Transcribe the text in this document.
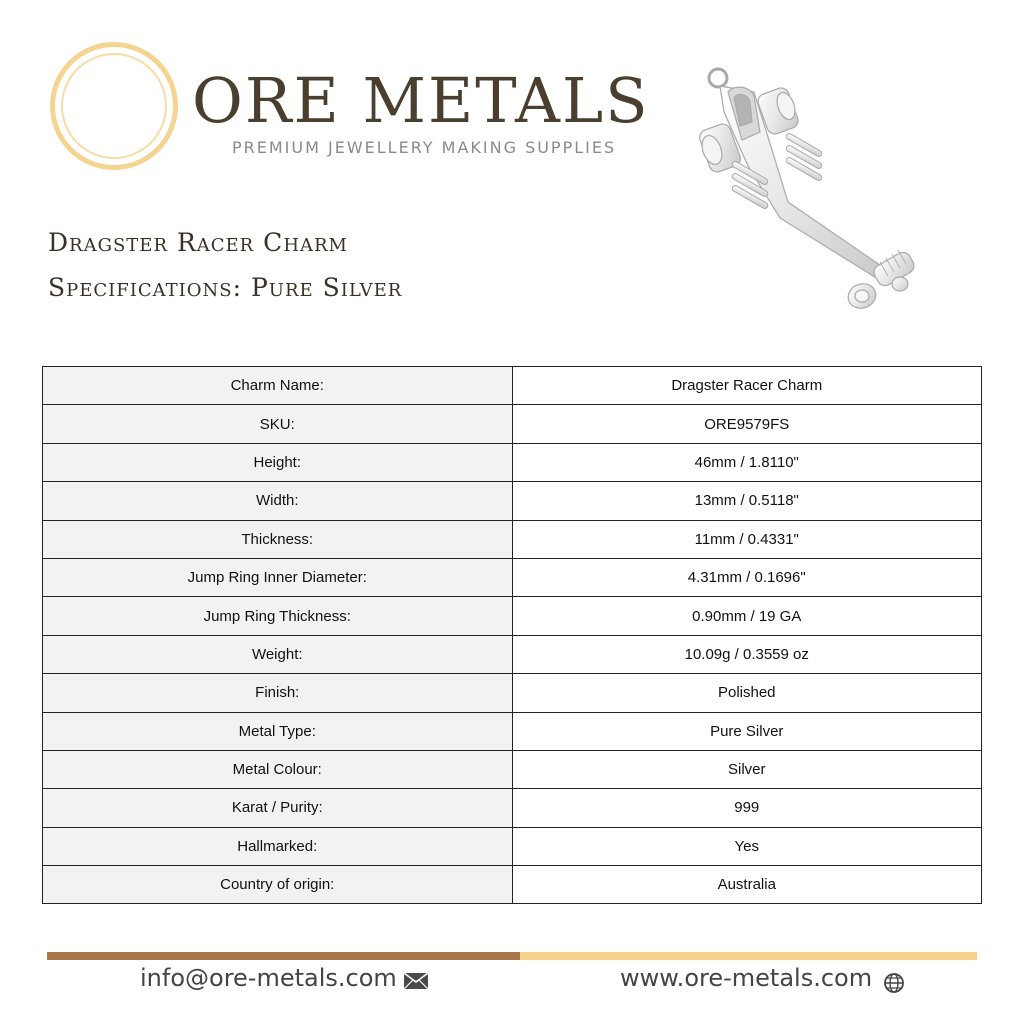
ORE METALS
PREMIUM JEWELLERY MAKING SUPPLIES
Dragster Racer Charm
Specifications: Pure Silver
Charm Name:	Dragster Racer Charm
SKU:	ORE9579FS
Height:	46mm / 1.8110"
Width:	13mm / 0.5118"
Thickness:	11mm / 0.4331"
Jump Ring Inner Diameter:	4.31mm / 0.1696"
Jump Ring Thickness:	0.90mm / 19 GA
Weight:	10.09g / 0.3559 oz
Finish:	Polished
Metal Type:	Pure Silver
Metal Colour:	Silver
Karat / Purity:	999
Hallmarked:	Yes
Country of origin:	Australia
info@ore-metals.com	www.ore-metals.com
